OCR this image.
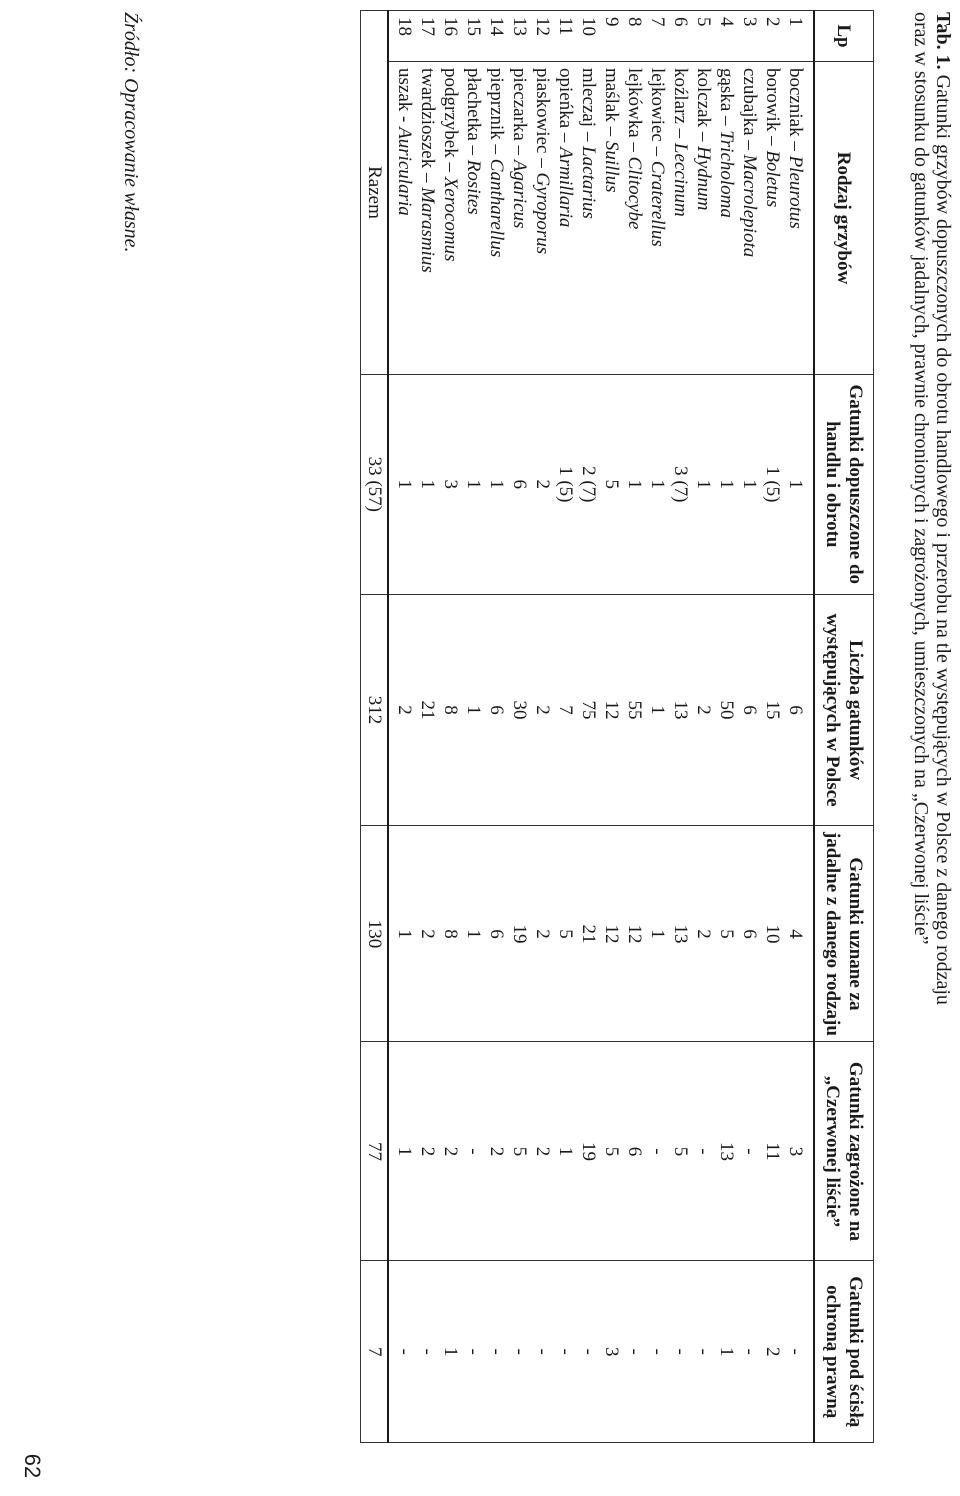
Tab. 1. Gatunki grzybów dopuszczonych do obrotu handlowego i przerobu na tle występujących w Polsce z danego rodzaju oraz w stosunku do gatunków jadalnych, prawnie chronionych i zagrożonych, umieszczonych na „Czerwonej liście”
Lp	Rodzaj grzybów	Gatunki dopuszczone do handlu i obrotu	Liczba gatunków występujących w Polsce	Gatunki uznane za jadalne z danego rodzaju	Gatunki zagrożone na „Czerwonej liście”	Gatunki pod ścisłą ochroną prawną
1	boczniak – Pleurotus	1	6	4	3	-
2	borowik – Boletus	1 (5)	15	10	11	2
3	czubajka – Macrolepiota	1	6	6	-	-
4	gąska – Tricholoma	1	50	5	13	1
5	kolczak – Hydnum	1	2	2	-	-
6	koźlarz – Leccinum	3 (7)	13	13	5	-
7	lejkowiec – Craterellus	1	1	1	-	-
8	lejkówka – Clitocybe	1	55	12	6	-
9	maślak – Suillus	5	12	12	5	3
10	mleczaj – Lactarius	2 (7)	75	21	19	-
11	opieńka – Armillaria	1 (5)	7	5	1	-
12	piaskowiec – Gyroporus	2	2	2	2	-
13	pieczarka – Agaricus	6	30	19	5	-
14	pieprznik – Cantharellus	1	6	6	2	-
15	płachetka – Rosites	1	1	1	-	-
16	podgrzybek – Xerocomus	3	8	8	2	1
17	twardzioszek – Marasmius	1	21	2	2	-
18	uszak - Auricularia	1	2	1	1	-
Razem		33 (57)	312	130	77	7
Źródło: Opracowanie własne.
62
